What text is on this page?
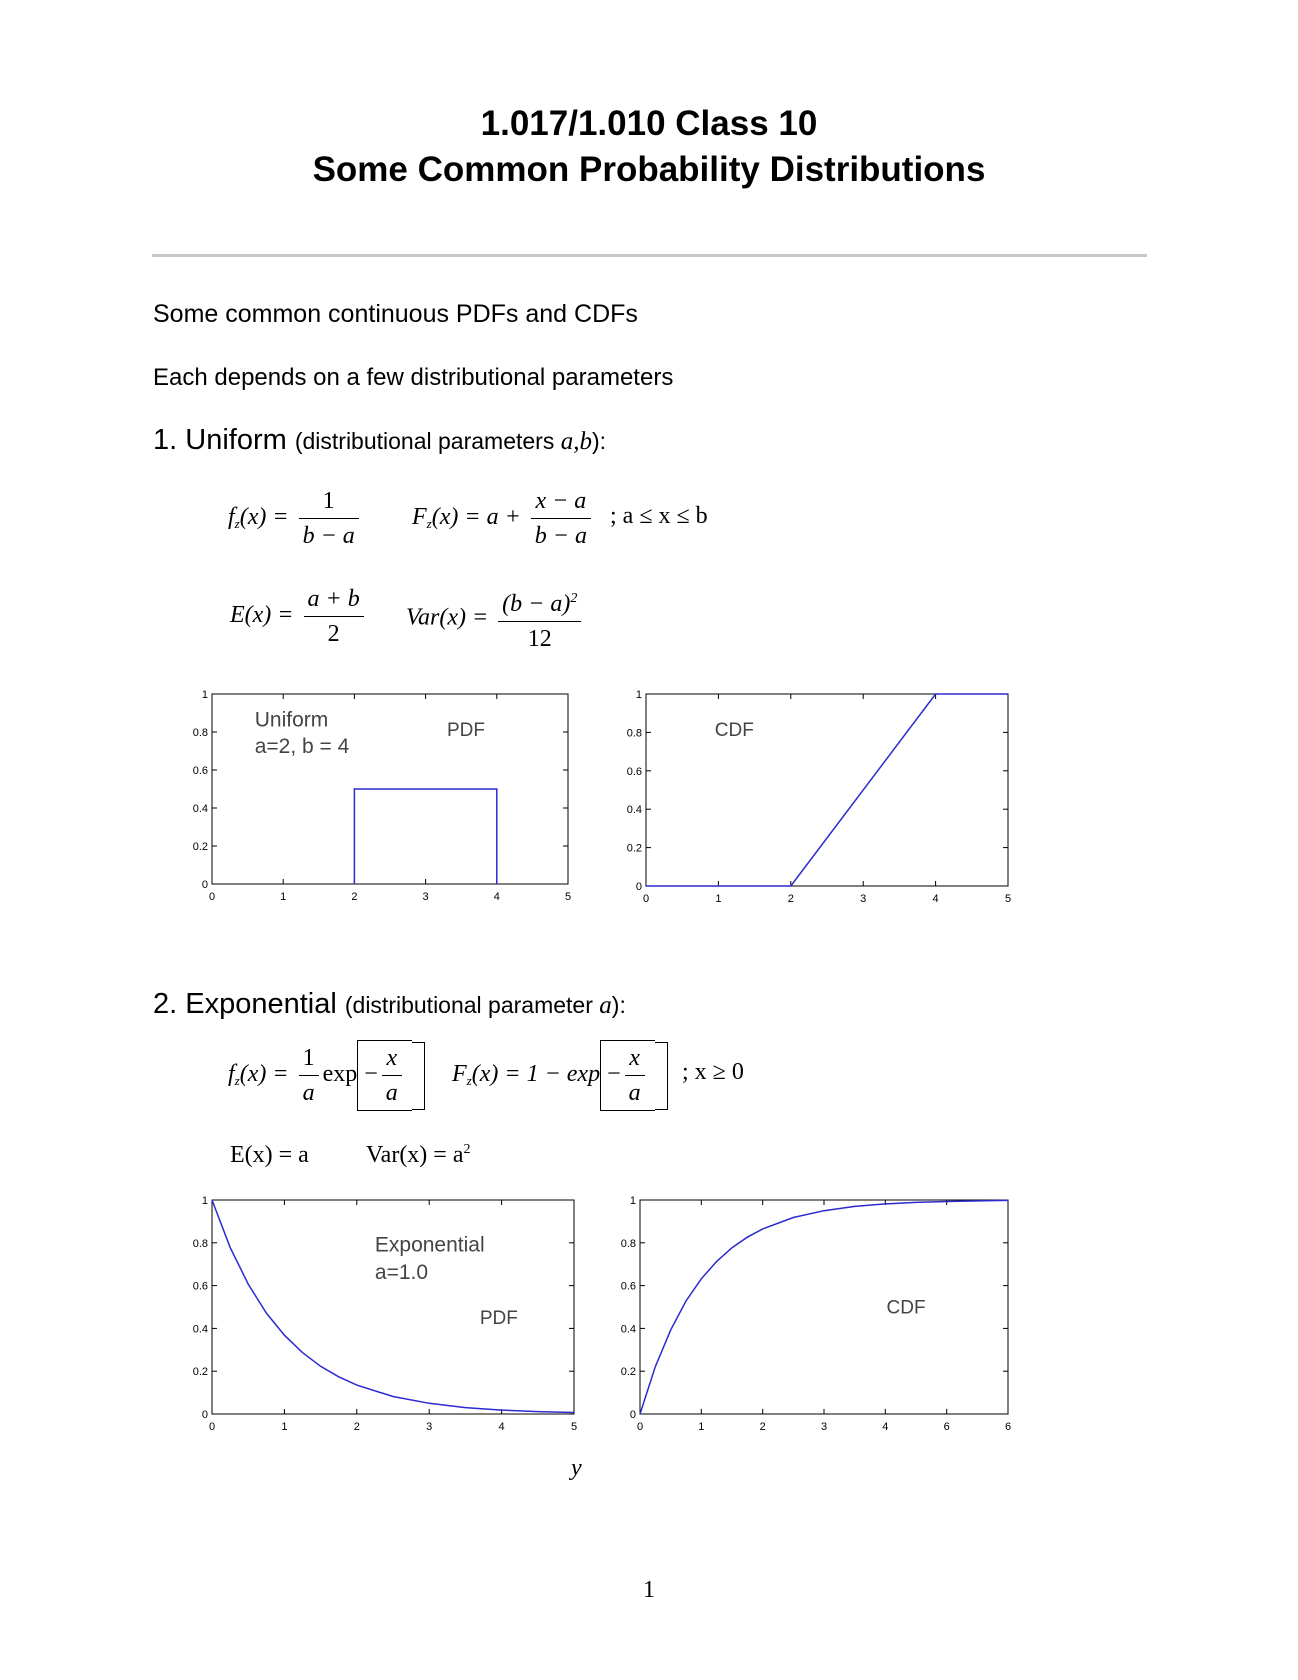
1.017/1.010 Class 10
Some Common Probability Distributions
Some common continuous PDFs and CDFs
Each depends on a few distributional parameters
1. Uniform (distributional parameters a,b):
$fz(x) = \frac{1}{b - a} Fz(x) = a + \frac{x - a}{b - a}$ ; a ≤ x ≤ b
$E(x) = \frac{a + b}{2} Var(x) = \frac{(b - a)^2}{12}$
0	1	2	3	4	5
0
0.2
0.4
0.6
0.8
1
Uniform
a=2, b = 4
PDF
0	1	2	3	4	5
0
0.2
0.4
0.6
0.8
1
CDF
2. Exponential (distributional parameter a):
$fz(x) = \frac{1}{a}$ $\exp - \frac{x}{a} Fz(x) = 1 - \exp - \frac{x}{a}$ ; x ≥ 0
E(x) = a $Var(x) = a^2$
0	1	2	3	4	5
0
0.2
0.4
0.6
0.8
1
Exponential
a=1.0
PDF
0	1	2	3	4	6	6
0
0.2
0.4
0.6
0.8
1
CDF
y
1
